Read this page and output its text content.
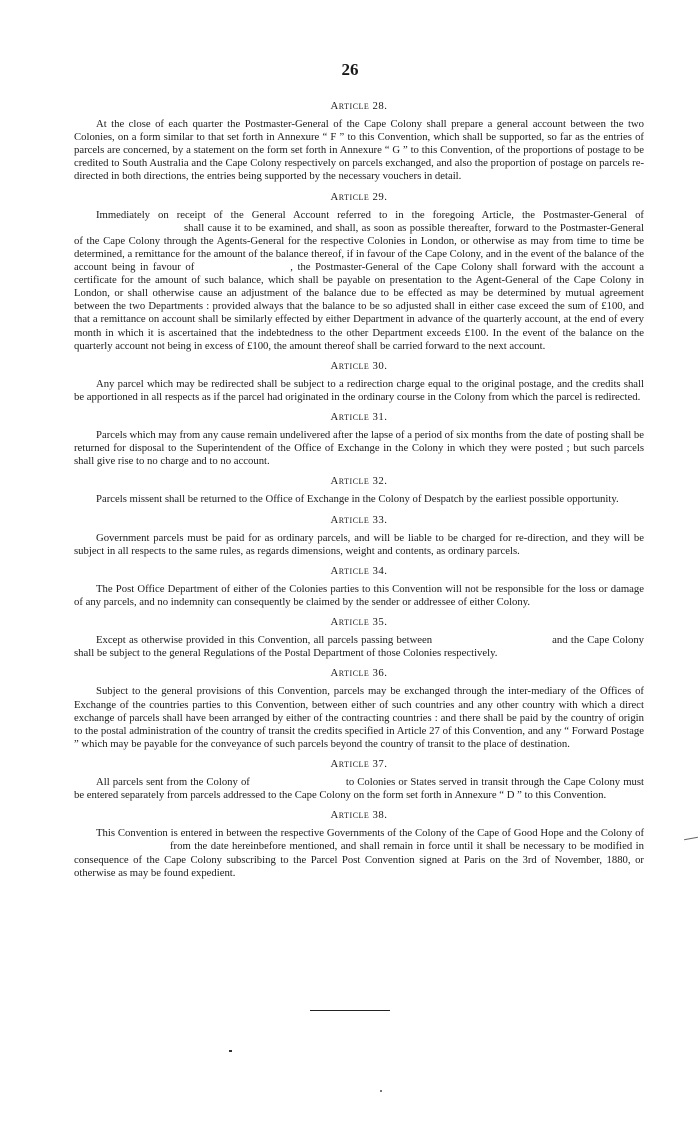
26
Article 28.

At the close of each quarter the Postmaster-General of the Cape Colony shall prepare a general account between the two Colonies, on a form similar to that set forth in Annexure “ F ” to this Convention, which shall be supported, so far as the entries of parcels are concerned, by a statement on the form set forth in Annexure “ G ” to this Convention, of the proportions of postage to be credited to South Australia and the Cape Colony respectively on parcels exchanged, and also the proportion of postage on parcels re-directed in both directions, the entries being supported by the necessary vouchers in detail.

Article 29.

Immediately on receipt of the General Account referred to in the foregoing Article, the Postmaster-General ofshall cause it to be examined, and shall, as soon as possible thereafter, forward to the Postmaster-General of the Cape Colony through the Agents-General for the respective Colonies in London, or otherwise as may from time to time be determined, a remittance for the amount of the balance thereof, if in favour of the Cape Colony, and in the event of the balance of the account being in favour of	, the Postmaster-General of the Cape Colony shall forward with the account a certificate for the amount of such balance, which shall be payable on presentation to the Agent-General of the Cape Colony in London, or shall otherwise cause an adjustment of the balance due to be effected as may be determined by mutual agreement between the two Departments : provided always that the balance to be so adjusted shall in either case exceed the sum of £100, and that a remittance on account shall be similarly effected by either Department in advance of the quarterly account, at the end of every month in which it is ascertained that the indebtedness to the other Department exceeds £100. In the event of the balance on the quarterly account not being in excess of £100, the amount thereof shall be carried forward to the next account.

Article 30.

Any parcel which may be redirected shall be subject to a redirection charge equal to the original postage, and the credits shall be apportioned in all respects as if the parcel had originated in the ordinary course in the Colony from which the parcel is redirected.

Article 31.

Parcels which may from any cause remain undelivered after the lapse of a period of six months from the date of posting shall be returned for disposal to the Superintendent of the Office of Exchange in the Colony in which they were posted ; but such parcels shall give rise to no charge and to no account.

Article 32.

Parcels missent shall be returned to the Office of Exchange in the Colony of Despatch by the earliest possible opportunity.

Article 33.

Government parcels must be paid for as ordinary parcels, and will be liable to be charged for re-direction, and they will be subject in all respects to the same rules, as regards dimensions, weight and contents, as ordinary parcels.

Article 34.

The Post Office Department of either of the Colonies parties to this Convention will not be responsible for the loss or damage of any parcels, and no indemnity can consequently be claimed by the sender or addressee of either Colony.

Article 35.

Except as otherwise provided in this Convention, all parcels passing between	and the Cape Colony shall be subject to the general Regulations of the Postal Department of those Colonies respectively.

Article 36.

Subject to the general provisions of this Convention, parcels may be exchanged through the inter-mediary of the Offices of Exchange of the countries parties to this Convention, between either of such countries and any other country with which a direct exchange of parcels shall have been arranged by either of the contracting countries : and there shall be paid by the country of origin to the postal administration of the country of transit the credits specified in Article 27 of this Convention, and any “ Forward Postage ” which may be payable for the conveyance of such parcels beyond the country of transit to the place of destination.

Article 37.

All parcels sent from the Colony of	to Colonies or States served in transit through the Cape Colony must be entered separately from parcels addressed to the Cape Colony on the form set forth in Annexure “ D ” to this Convention.

Article 38.

This Convention is entered in between the respective Governments of the Colony of the Cape of Good Hope and the Colony offrom the date hereinbefore mentioned, and shall remain in force until it shall be necessary to be modified in consequence of the Cape Colony subscribing to the Parcel Post Convention signed at Paris on the 3rd of November, 1880, or otherwise as may be found expedient.
